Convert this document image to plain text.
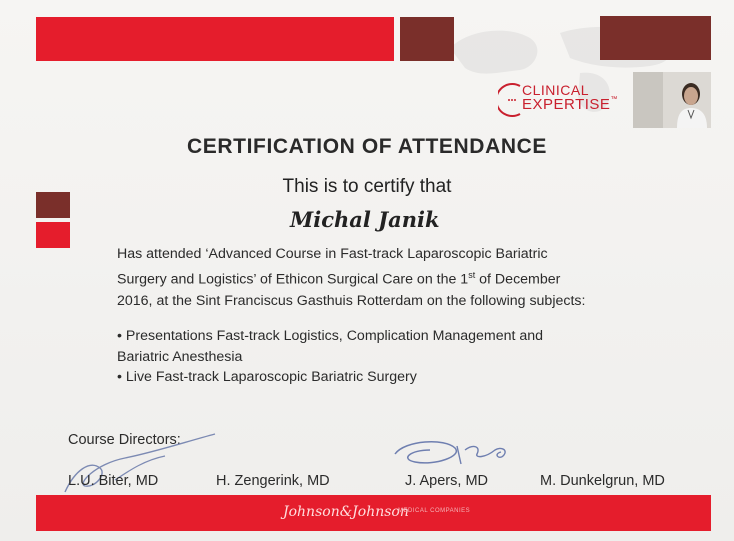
CLINICAL
EXPERTISE™
CERTIFICATION OF ATTENDANCE
This is to certify that
Michal Janik
Has attended ‘Advanced Course in Fast-track Laparoscopic Bariatric
Surgery and Logistics’ of Ethicon Surgical Care on the 1st of December
2016, at the Sint Franciscus Gasthuis Rotterdam on the following subjects:
• Presentations Fast-track Logistics, Complication Management and
Bariatric Anesthesia
• Live Fast-track Laparoscopic Bariatric Surgery
Course Directors:
L.U. Biter, MD	H. Zengerink, MD	J. Apers, MD	M. Dunkelgrun, MD
Johnson&Johnson
MEDICAL COMPANIES
